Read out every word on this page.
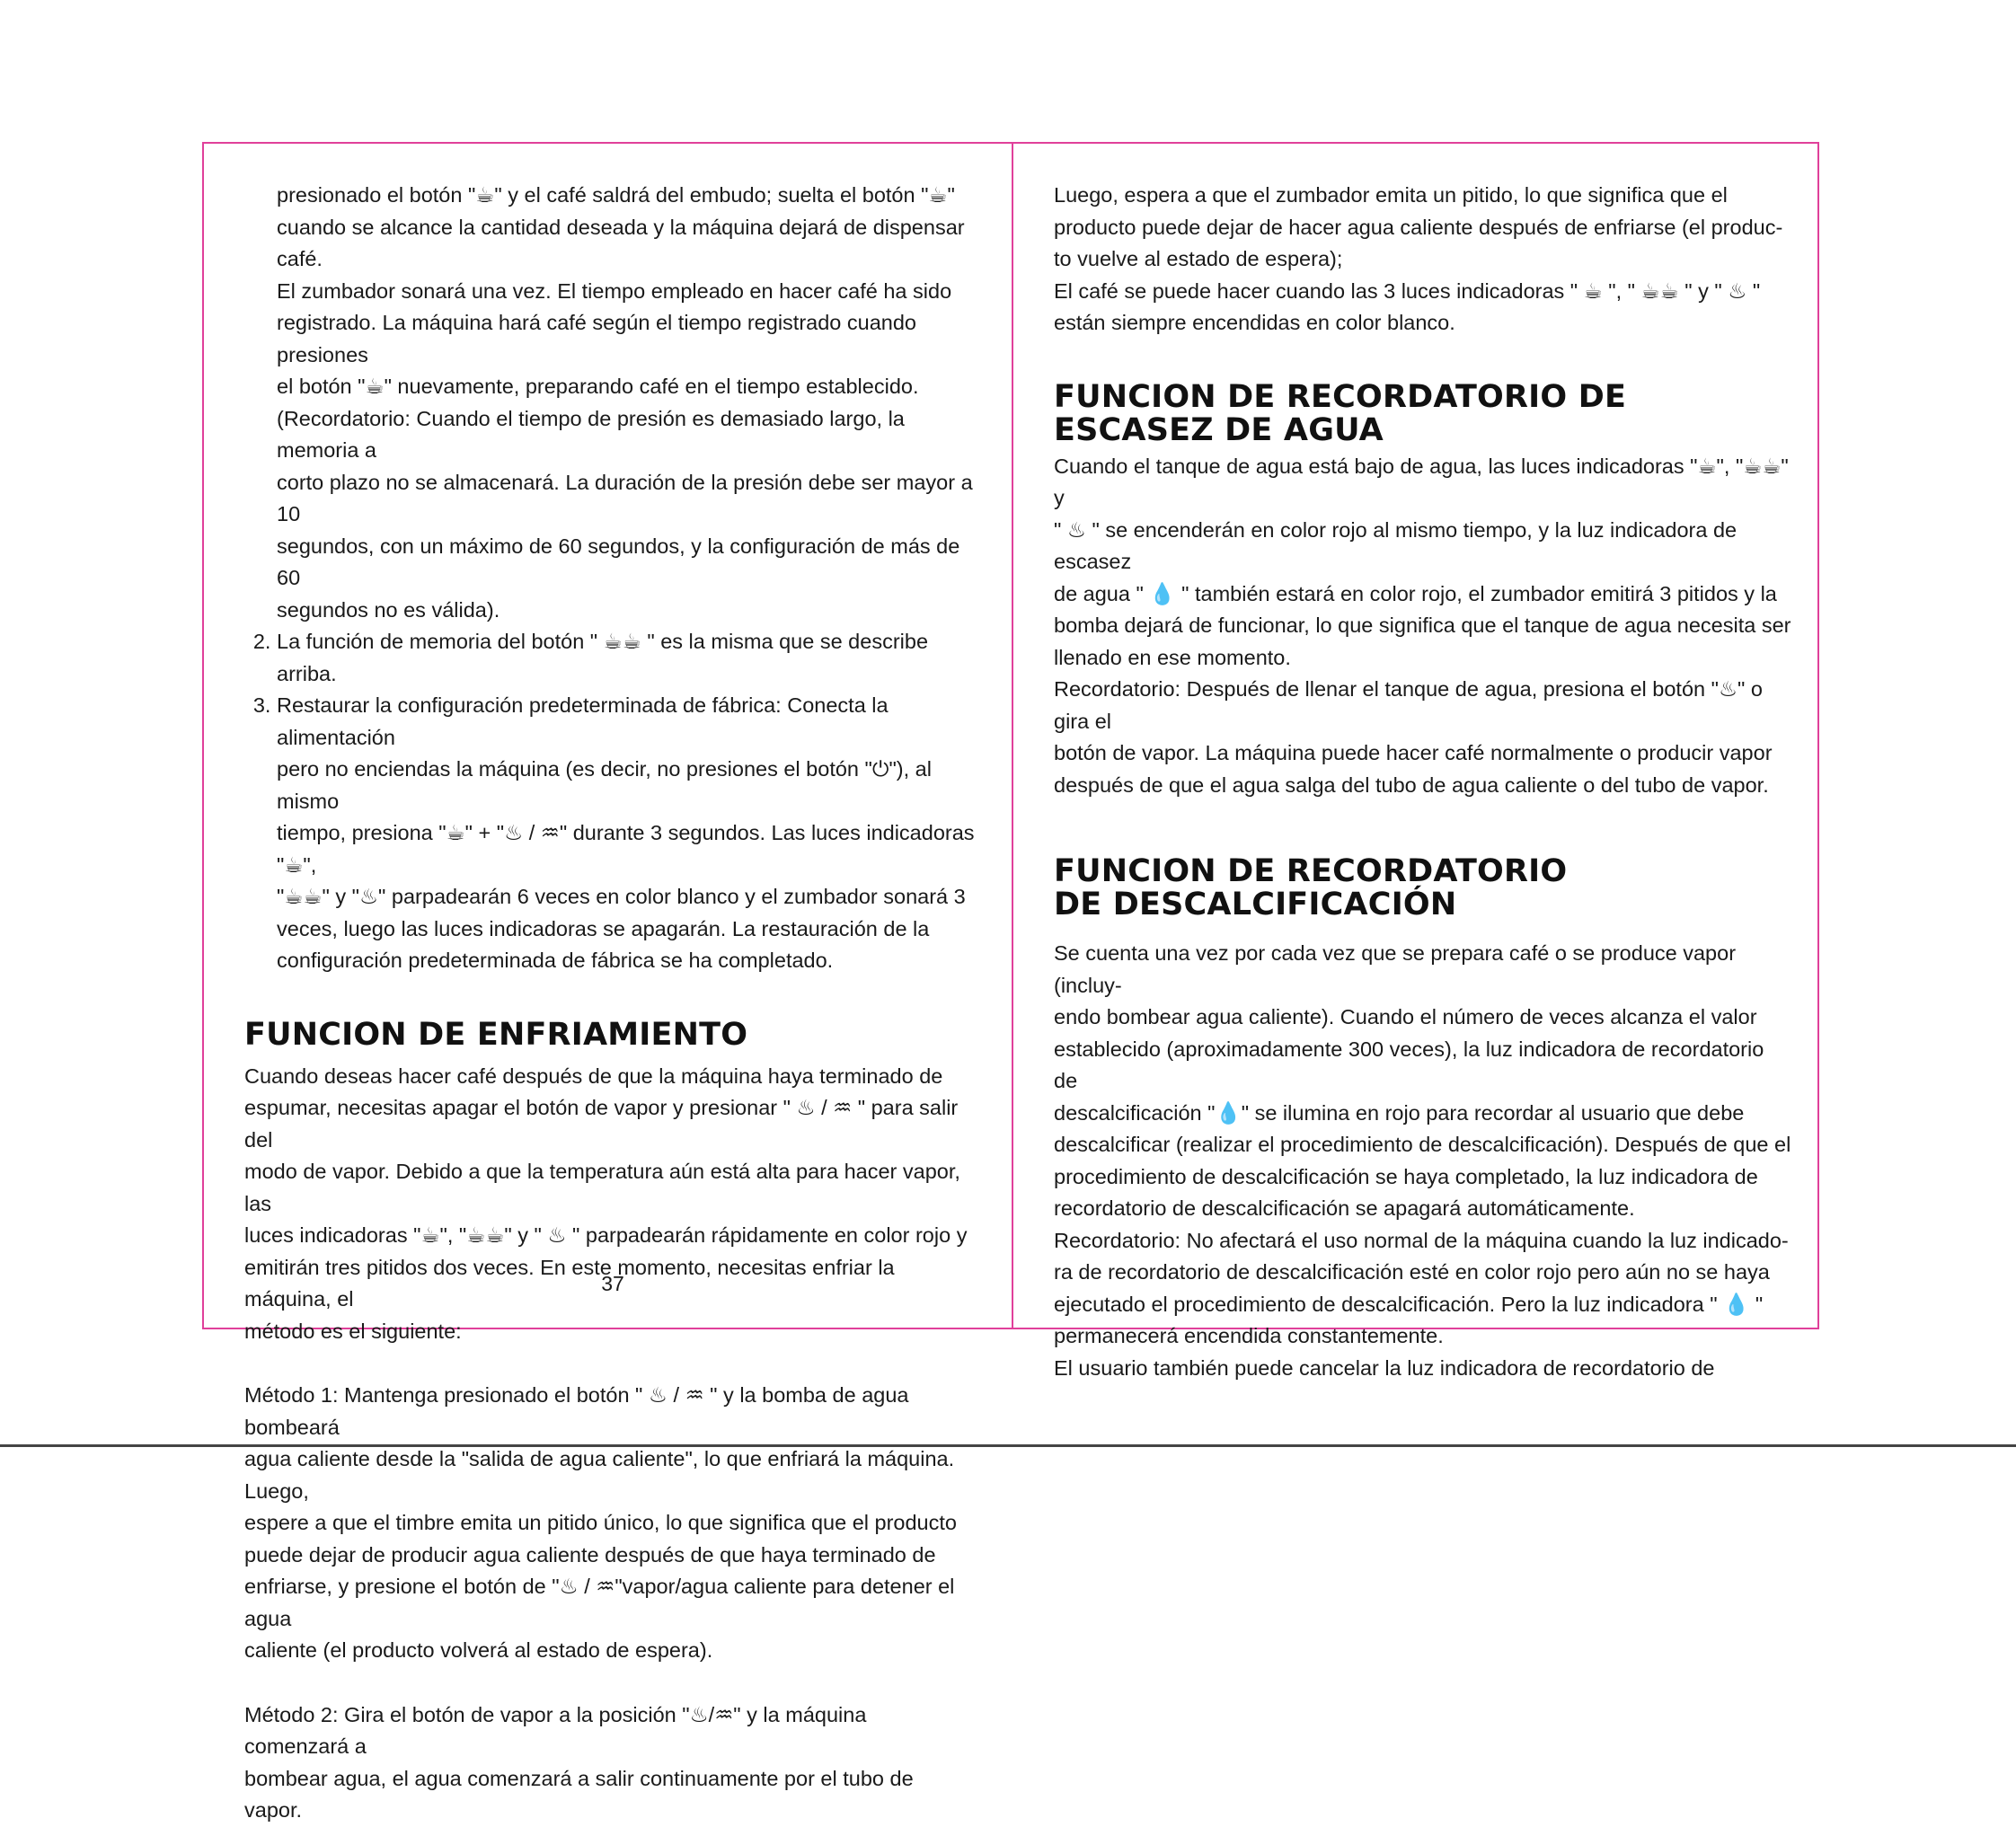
presionado el botón "☕" y el café saldrá del embudo; suelta el botón "☕"

cuando se alcance la cantidad deseada y la máquina dejará de dispensar café.

El zumbador sonará una vez. El tiempo empleado en hacer café ha sido

registrado. La máquina hará café según el tiempo registrado cuando presiones

el botón "☕" nuevamente, preparando café en el tiempo establecido.

(Recordatorio: Cuando el tiempo de presión es demasiado largo, la memoria a

corto plazo no se almacenará. La duración de la presión debe ser mayor a 10

segundos, con un máximo de 60 segundos, y la configuración de más de 60

segundos no es válida).

2. La función de memoria del botón " ☕☕ " es la misma que se describe arriba.

3. Restaurar la configuración predeterminada de fábrica: Conecta la alimentación

pero no enciendas la máquina (es decir, no presiones el botón "⏻"), al mismo

tiempo, presiona "☕" + "♨ / ♒" durante 3 segundos. Las luces indicadoras "☕",

"☕☕" y "♨" parpadearán 6 veces en color blanco y el zumbador sonará 3

veces, luego las luces indicadoras se apagarán. La restauración de la

configuración predeterminada de fábrica se ha completado.

FUNCION DE ENFRIAMIENTO

Cuando deseas hacer café después de que la máquina haya terminado de

espumar, necesitas apagar el botón de vapor y presionar " ♨ / ♒ " para salir del

modo de vapor. Debido a que la temperatura aún está alta para hacer vapor, las

luces indicadoras "☕", "☕☕" y " ♨ " parpadearán rápidamente en color rojo y

emitirán tres pitidos dos veces. En este momento, necesitas enfriar la máquina, el

método es el siguiente:

Método 1: Mantenga presionado el botón " ♨ / ♒ " y la bomba de agua bombeará

agua caliente desde la "salida de agua caliente", lo que enfriará la máquina. Luego,

espere a que el timbre emita un pitido único, lo que significa que el producto

puede dejar de producir agua caliente después de que haya terminado de

enfriarse, y presione el botón de "♨ / ♒"vapor/agua caliente para detener el agua

caliente (el producto volverá al estado de espera).

Método 2: Gira el botón de vapor a la posición "♨/♒" y la máquina comenzará a

bombear agua, el agua comenzará a salir continuamente por el tubo de vapor.

37

Luego, espera a que el zumbador emita un pitido, lo que significa que el

producto puede dejar de hacer agua caliente después de enfriarse (el produc-

to vuelve al estado de espera);

El café se puede hacer cuando las 3 luces indicadoras " ☕ ", " ☕☕ " y " ♨ "

están siempre encendidas en color blanco.

FUNCION DE RECORDATORIO DE
ESCASEZ DE AGUA

Cuando el tanque de agua está bajo de agua, las luces indicadoras "☕", "☕☕" y

" ♨ " se encenderán en color rojo al mismo tiempo, y la luz indicadora de escasez

de agua " 💧 " también estará en color rojo, el zumbador emitirá 3 pitidos y la

bomba dejará de funcionar, lo que significa que el tanque de agua necesita ser

llenado en ese momento.

Recordatorio: Después de llenar el tanque de agua, presiona el botón "♨" o gira el

botón de vapor. La máquina puede hacer café normalmente o producir vapor

después de que el agua salga del tubo de agua caliente o del tubo de vapor.

FUNCION DE RECORDATORIO
DE DESCALCIFICACIÓN

Se cuenta una vez por cada vez que se prepara café o se produce vapor (incluy-

endo bombear agua caliente). Cuando el número de veces alcanza el valor

establecido (aproximadamente 300 veces), la luz indicadora de recordatorio de

descalcificación "💧" se ilumina en rojo para recordar al usuario que debe

descalcificar (realizar el procedimiento de descalcificación). Después de que el

procedimiento de descalcificación se haya completado, la luz indicadora de

recordatorio de descalcificación se apagará automáticamente.

Recordatorio: No afectará el uso normal de la máquina cuando la luz indicado-

ra de recordatorio de descalcificación esté en color rojo pero aún no se haya

ejecutado el procedimiento de descalcificación. Pero la luz indicadora " 💧 "

permanecerá encendida constantemente.

El usuario también puede cancelar la luz indicadora de recordatorio de
